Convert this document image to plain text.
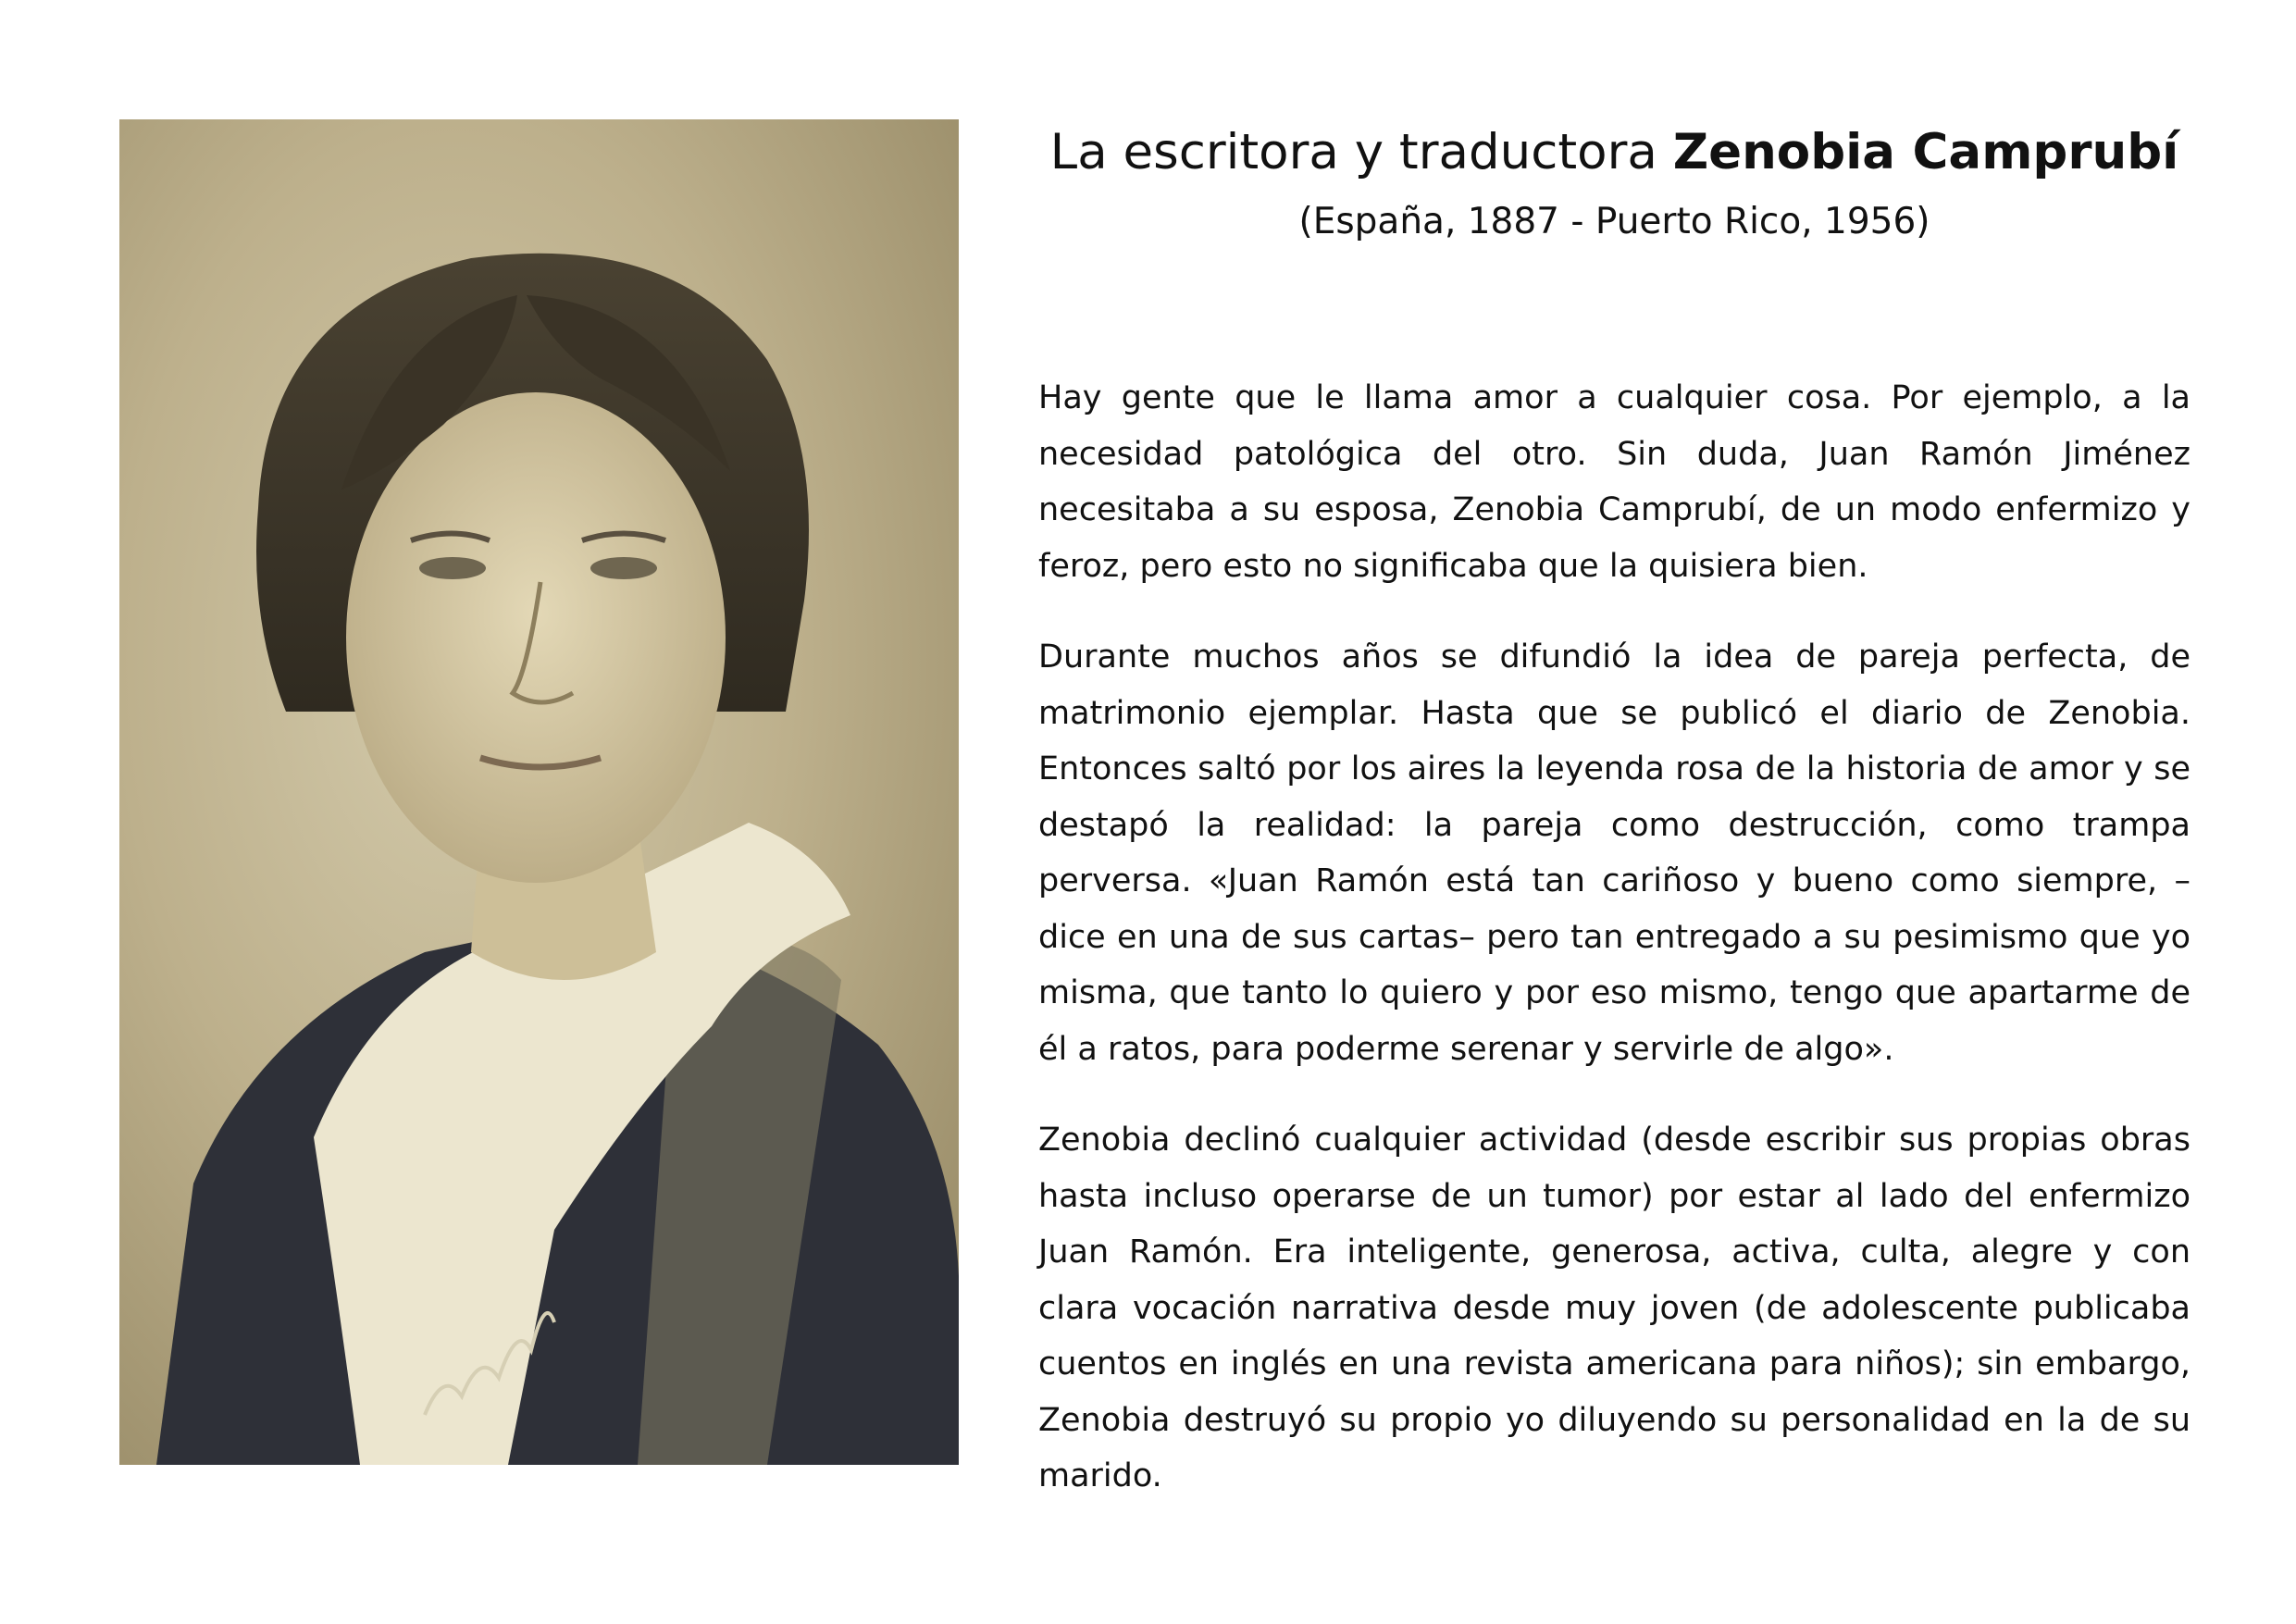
La escritora y traductora Zenobia Camprubí

(España, 1887 - Puerto Rico, 1956)

Hay gente que le llama amor a cualquier cosa. Por ejemplo, a la necesidad patológica del otro. Sin duda, Juan Ramón Jiménez necesitaba a su esposa, Zenobia Camprubí, de un modo enfermizo y feroz, pero esto no significaba que la quisiera bien.

Durante muchos años se difundió la idea de pareja perfecta, de matrimonio ejemplar. Hasta que se publicó el diario de Zenobia. Entonces saltó por los aires la leyenda rosa de la historia de amor y se destapó la realidad: la pareja como destrucción, como trampa perversa. «Juan Ramón está tan cariñoso y bueno como siempre, –dice en una de sus cartas– pero tan entregado a su pesimismo que yo misma, que tanto lo quiero y por eso mismo, tengo que apartarme de él a ratos, para poderme serenar y servirle de algo».

Zenobia declinó cualquier actividad (desde escribir sus propias obras hasta incluso operarse de un tumor) por estar al lado del enfermizo Juan Ramón. Era inteligente, generosa, activa, culta, alegre y con clara vocación narrativa desde muy joven (de adolescente publicaba cuentos en inglés en una revista americana para niños); sin embargo, Zenobia destruyó su propio yo diluyendo su personalidad en la de su marido.
